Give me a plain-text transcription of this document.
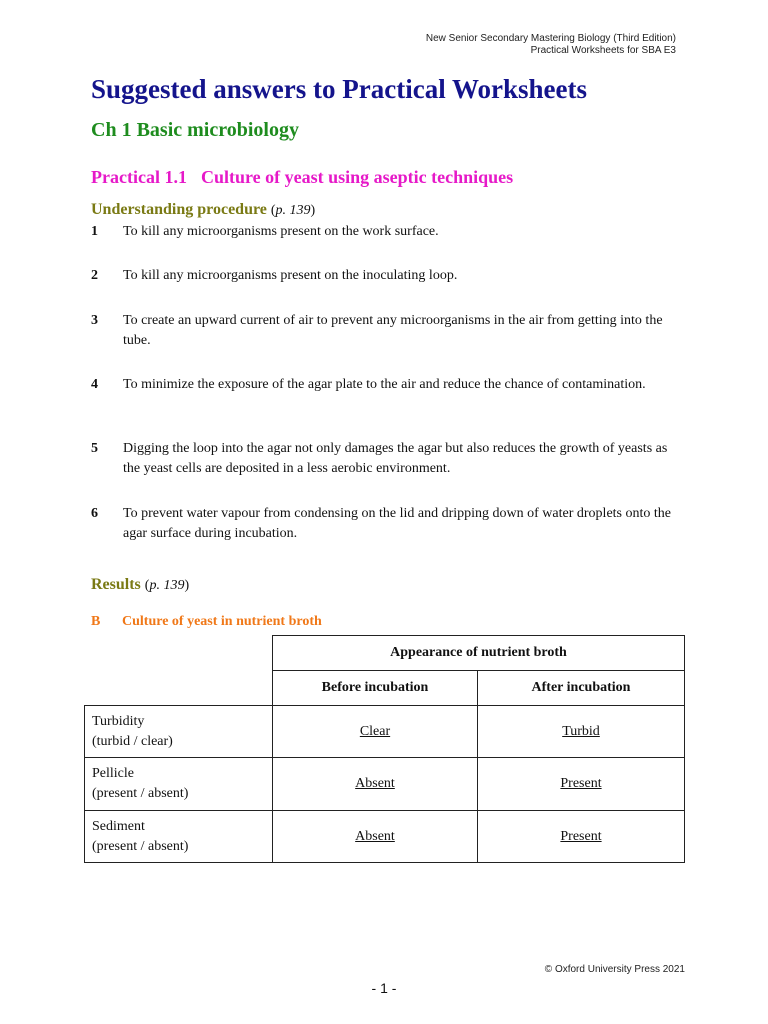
New Senior Secondary Mastering Biology (Third Edition)
Practical Worksheets for SBA E3
Suggested answers to Practical Worksheets
Ch 1 Basic microbiology
Practical 1.1 Culture of yeast using aseptic techniques
Understanding procedure (p. 139)
1 To kill any microorganisms present on the work surface.
2 To kill any microorganisms present on the inoculating loop.
3 To create an upward current of air to prevent any microorganisms in the air from getting into the tube.
4 To minimize the exposure of the agar plate to the air and reduce the chance of contamination.
5 Digging the loop into the agar not only damages the agar but also reduces the growth of yeasts as the yeast cells are deposited in a less aerobic environment.
6 To prevent water vapour from condensing on the lid and dripping down of water droplets onto the agar surface during incubation.
Results (p. 139)
B Culture of yeast in nutrient broth
	Appearance of nutrient broth	
	Before incubation	After incubation

Turbidity
(turbid / clear)	Clear	Turbid

Pellicle
(present / absent)	Absent	Present

Sediment
(present / absent)	Absent	Present
© Oxford University Press 2021
- 1 -
